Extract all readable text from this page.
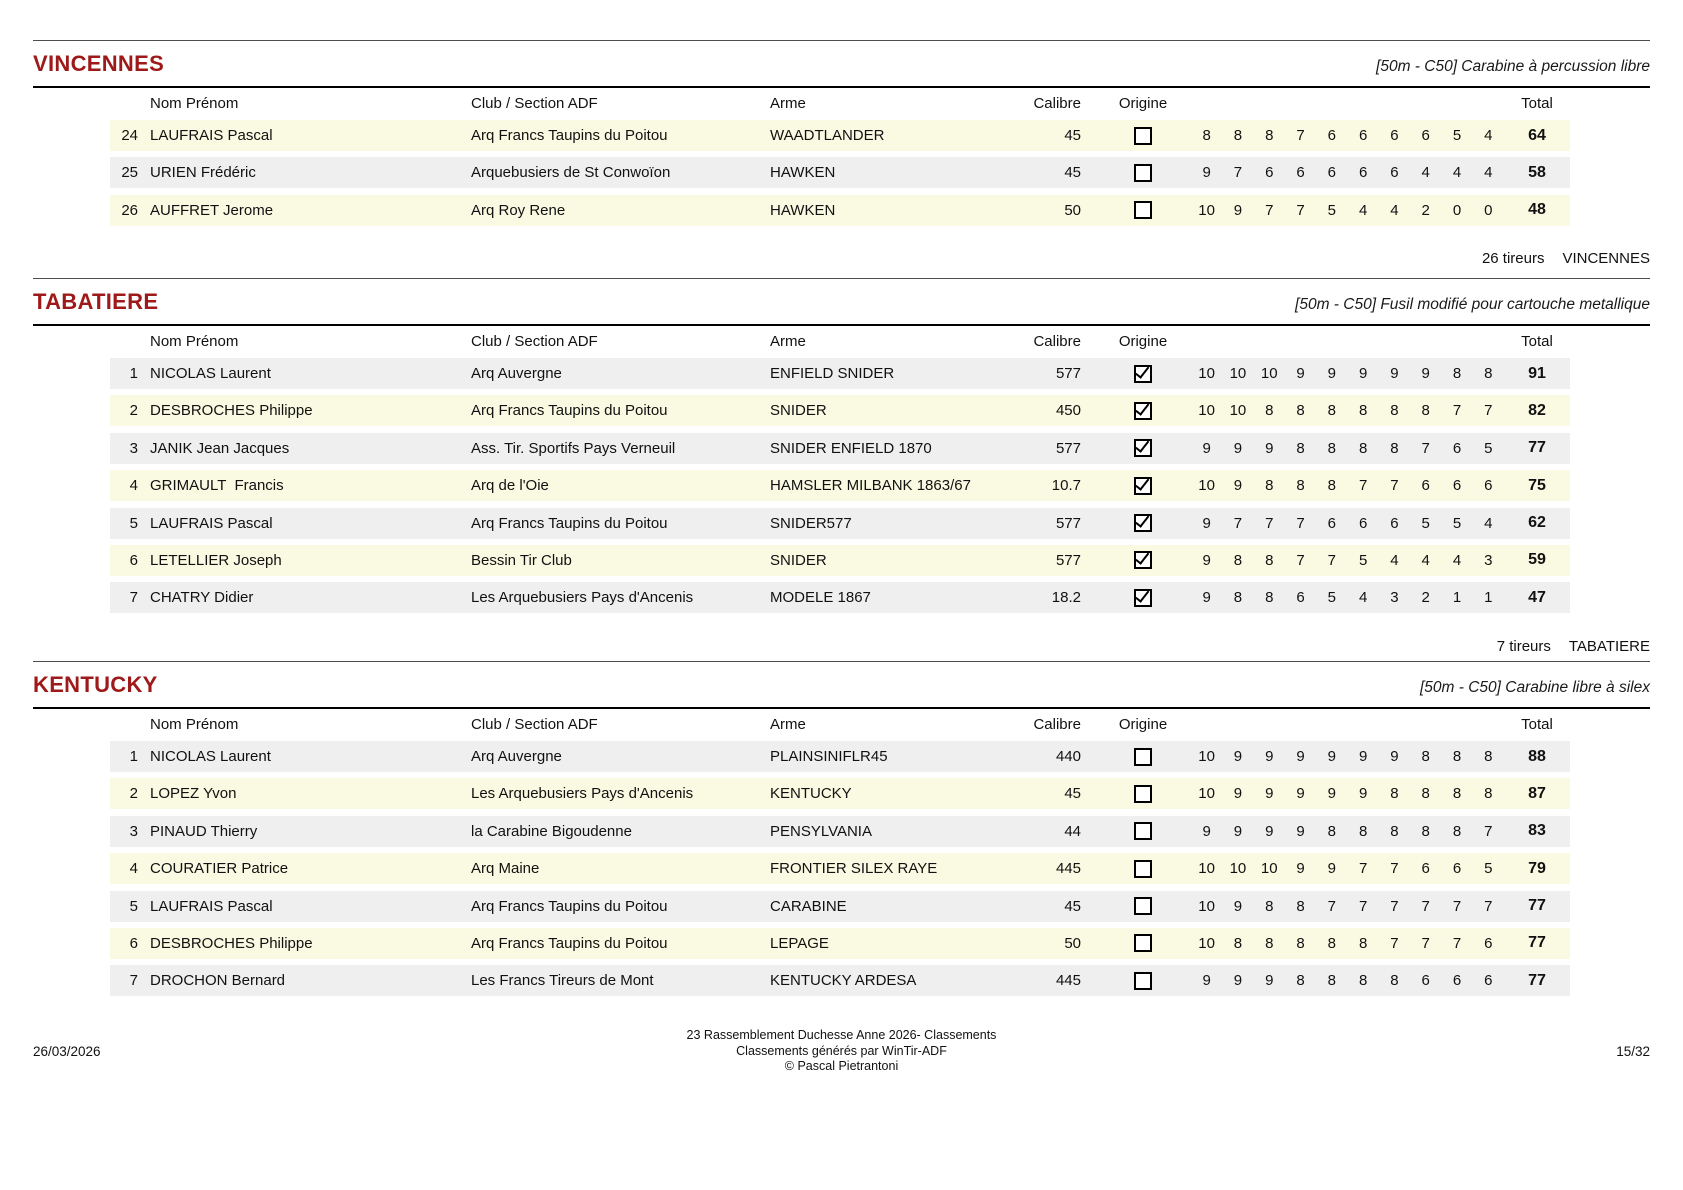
VINCENNES	[50m - C50] Carabine à percussion libre
Nom Prénom	Club / Section ADF	Arme	Calibre	Origine	Total
24 LAUFRAIS Pascal	Arq Francs Taupins du Poitou	WAADTLANDER	45	8	8	8	7	6	6	6	6	5	4	64
25 URIEN Frédéric	Arquebusiers de St Conwoïon	HAWKEN	45	9	7	6	6	6	6	6	4	4	4	58
26 AUFFRET Jerome	Arq Roy Rene	HAWKEN	50	10	9	7	7	5	4	4	2	0	0	48
26 tireurs VINCENNES
TABATIERE	[50m - C50] Fusil modifié pour cartouche metallique
Nom Prénom	Club / Section ADF	Arme	Calibre	Origine	Total
1 NICOLAS Laurent	Arq Auvergne	ENFIELD SNIDER	577	10 10 10	9	9	9	9	9	8	8	91
2 DESBROCHES Philippe	Arq Francs Taupins du Poitou	SNIDER	450	10 10	8	8	8	8	8	8	7	7	82
3 JANIK Jean Jacques	Ass. Tir. Sportifs Pays Verneuil	SNIDER ENFIELD 1870	577	9	9	9	8	8	8	8	7	6	5	77
4 GRIMAULT  Francis	Arq de l'Oie	HAMSLER MILBANK 1863/67	10.7	10	9	8	8	8	7	7	6	6	6	75
5 LAUFRAIS Pascal	Arq Francs Taupins du Poitou	SNIDER577	577	9	7	7	7	6	6	6	5	5	4	62
6 LETELLIER Joseph	Bessin Tir Club	SNIDER	577	9	8	8	7	7	5	4	4	4	3	59
7 CHATRY Didier	Les Arquebusiers Pays d'Ancenis	MODELE 1867	18.2	9	8	8	6	5	4	3	2	1	1	47
7 tireurs TABATIERE
KENTUCKY	[50m - C50] Carabine libre à silex
Nom Prénom	Club / Section ADF	Arme	Calibre	Origine	Total
1 NICOLAS Laurent	Arq Auvergne	PLAINSINIFLR45	440	10	9	9	9	9	9	9	8	8	8	88
2 LOPEZ Yvon	Les Arquebusiers Pays d'Ancenis	KENTUCKY	45	10	9	9	9	9	9	8	8	8	8	87
3 PINAUD Thierry	la Carabine Bigoudenne	PENSYLVANIA	44	9	9	9	9	8	8	8	8	8	7	83
4 COURATIER Patrice	Arq Maine	FRONTIER SILEX RAYE	445	10 10 10	9	9	7	7	6	6	5	79
5 LAUFRAIS Pascal	Arq Francs Taupins du Poitou	CARABINE	45	10	9	8	8	7	7	7	7	7	7	77
6 DESBROCHES Philippe	Arq Francs Taupins du Poitou	LEPAGE	50	10	8	8	8	8	8	7	7	7	6	77
7 DROCHON Bernard	Les Francs Tireurs de Mont	KENTUCKY ARDESA	445	9	9	9	8	8	8	8	6	6	6	77
26/03/2026
23 Rassemblement Duchesse Anne 2026- Classements
Classements générés par WinTir-ADF
© Pascal Pietrantoni
15/32
